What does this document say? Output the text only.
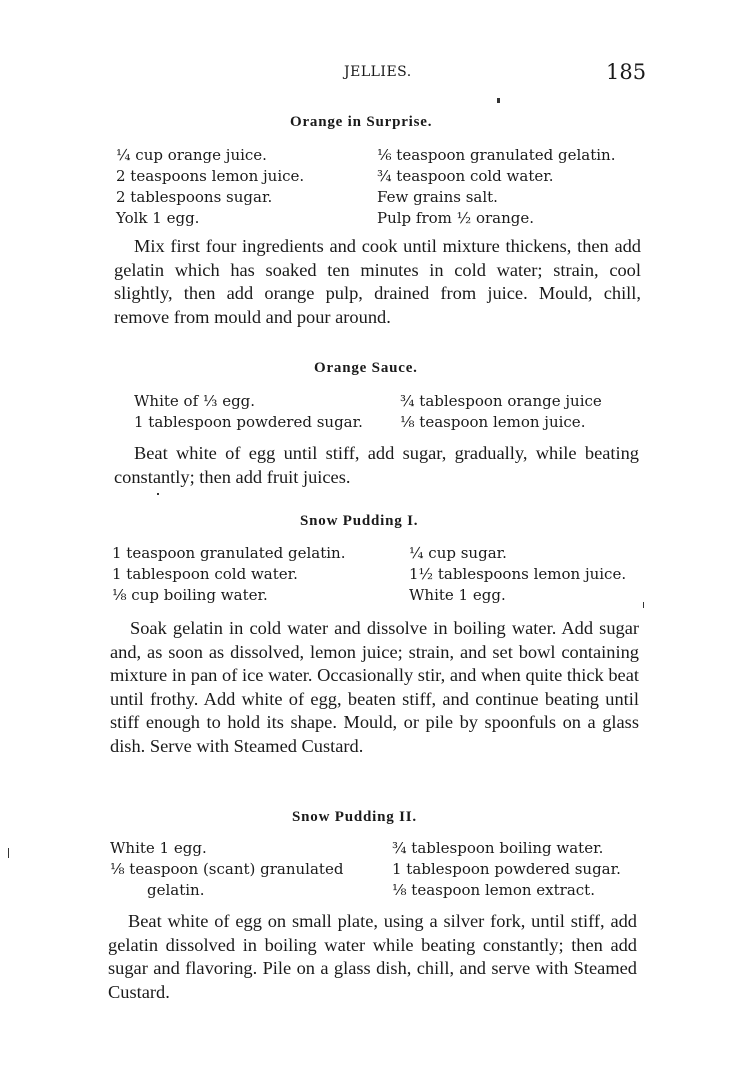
JELLIES.	185
Orange in Surprise.
¼ cup orange juice.
2 teaspoons lemon juice.
2 tablespoons sugar.
Yolk 1 egg.
⅙ teaspoon granulated gelatin.
¾ teaspoon cold water.
Few grains salt.
Pulp from ½ orange.
Mix first four ingredients and cook until mixture thickens, then add gelatin which has soaked ten minutes in cold water; strain, cool slightly, then add orange pulp, drained from juice. Mould, chill, remove from mould and pour around.
Orange Sauce.
White of ⅓ egg.
1 tablespoon powdered sugar.
¾ tablespoon orange juice
⅛ teaspoon lemon juice.
Beat white of egg until stiff, add sugar, gradually, while beating constantly; then add fruit juices.
Snow Pudding I.
1 teaspoon granulated gelatin.
1 tablespoon cold water.
⅛ cup boiling water.
¼ cup sugar.
1½ tablespoons lemon juice.
White 1 egg.
Soak gelatin in cold water and dissolve in boiling water. Add sugar and, as soon as dissolved, lemon juice; strain, and set bowl containing mixture in pan of ice water. Occasionally stir, and when quite thick beat until frothy. Add white of egg, beaten stiff, and continue beating until stiff enough to hold its shape. Mould, or pile by spoonfuls on a glass dish. Serve with Steamed Custard.
Snow Pudding II.
White 1 egg.
⅛ teaspoon (scant) granulated
gelatin.
¾ tablespoon boiling water.
1 tablespoon powdered sugar.
⅛ teaspoon lemon extract.
Beat white of egg on small plate, using a silver fork, until stiff, add gelatin dissolved in boiling water while beating constantly; then add sugar and flavoring. Pile on a glass dish, chill, and serve with Steamed Custard.
